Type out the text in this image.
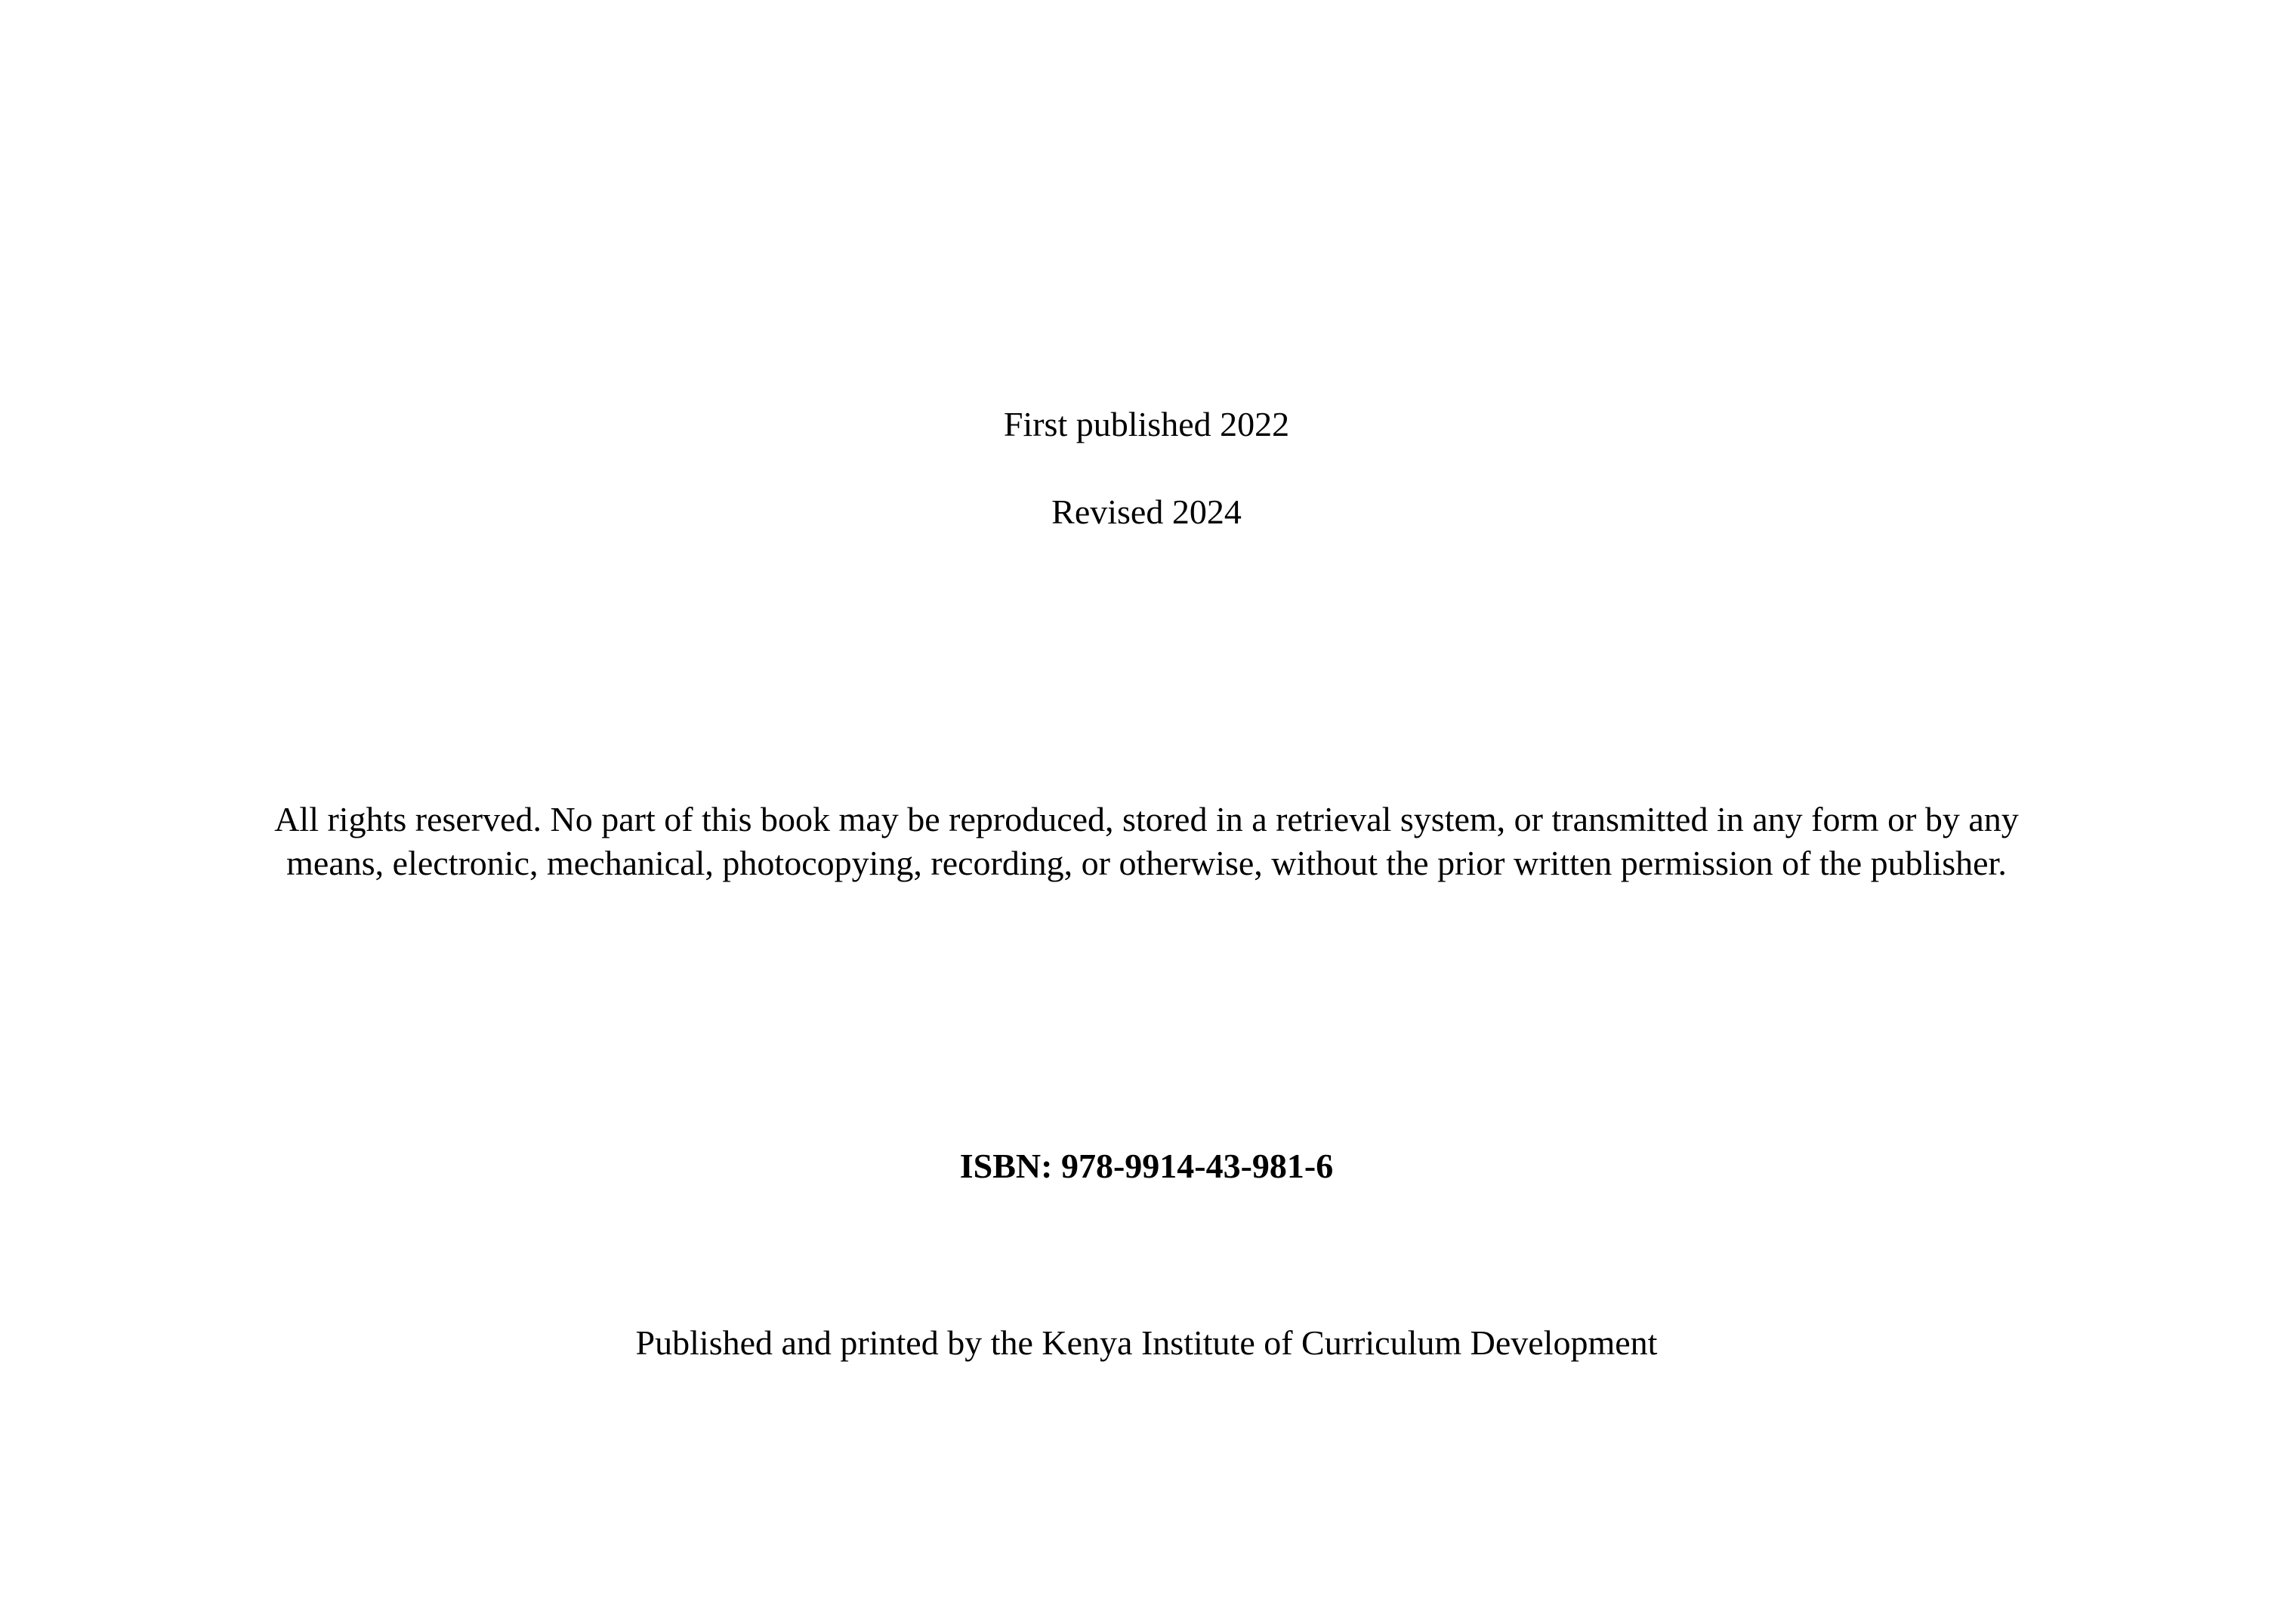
First published 2022
Revised 2024
All rights reserved. No part of this book may be reproduced, stored in a retrieval system, or transmitted in any form or by any
means, electronic, mechanical, photocopying, recording, or otherwise, without the prior written permission of the publisher.
ISBN: 978-9914-43-981-6
Published and printed by the Kenya Institute of Curriculum Development
